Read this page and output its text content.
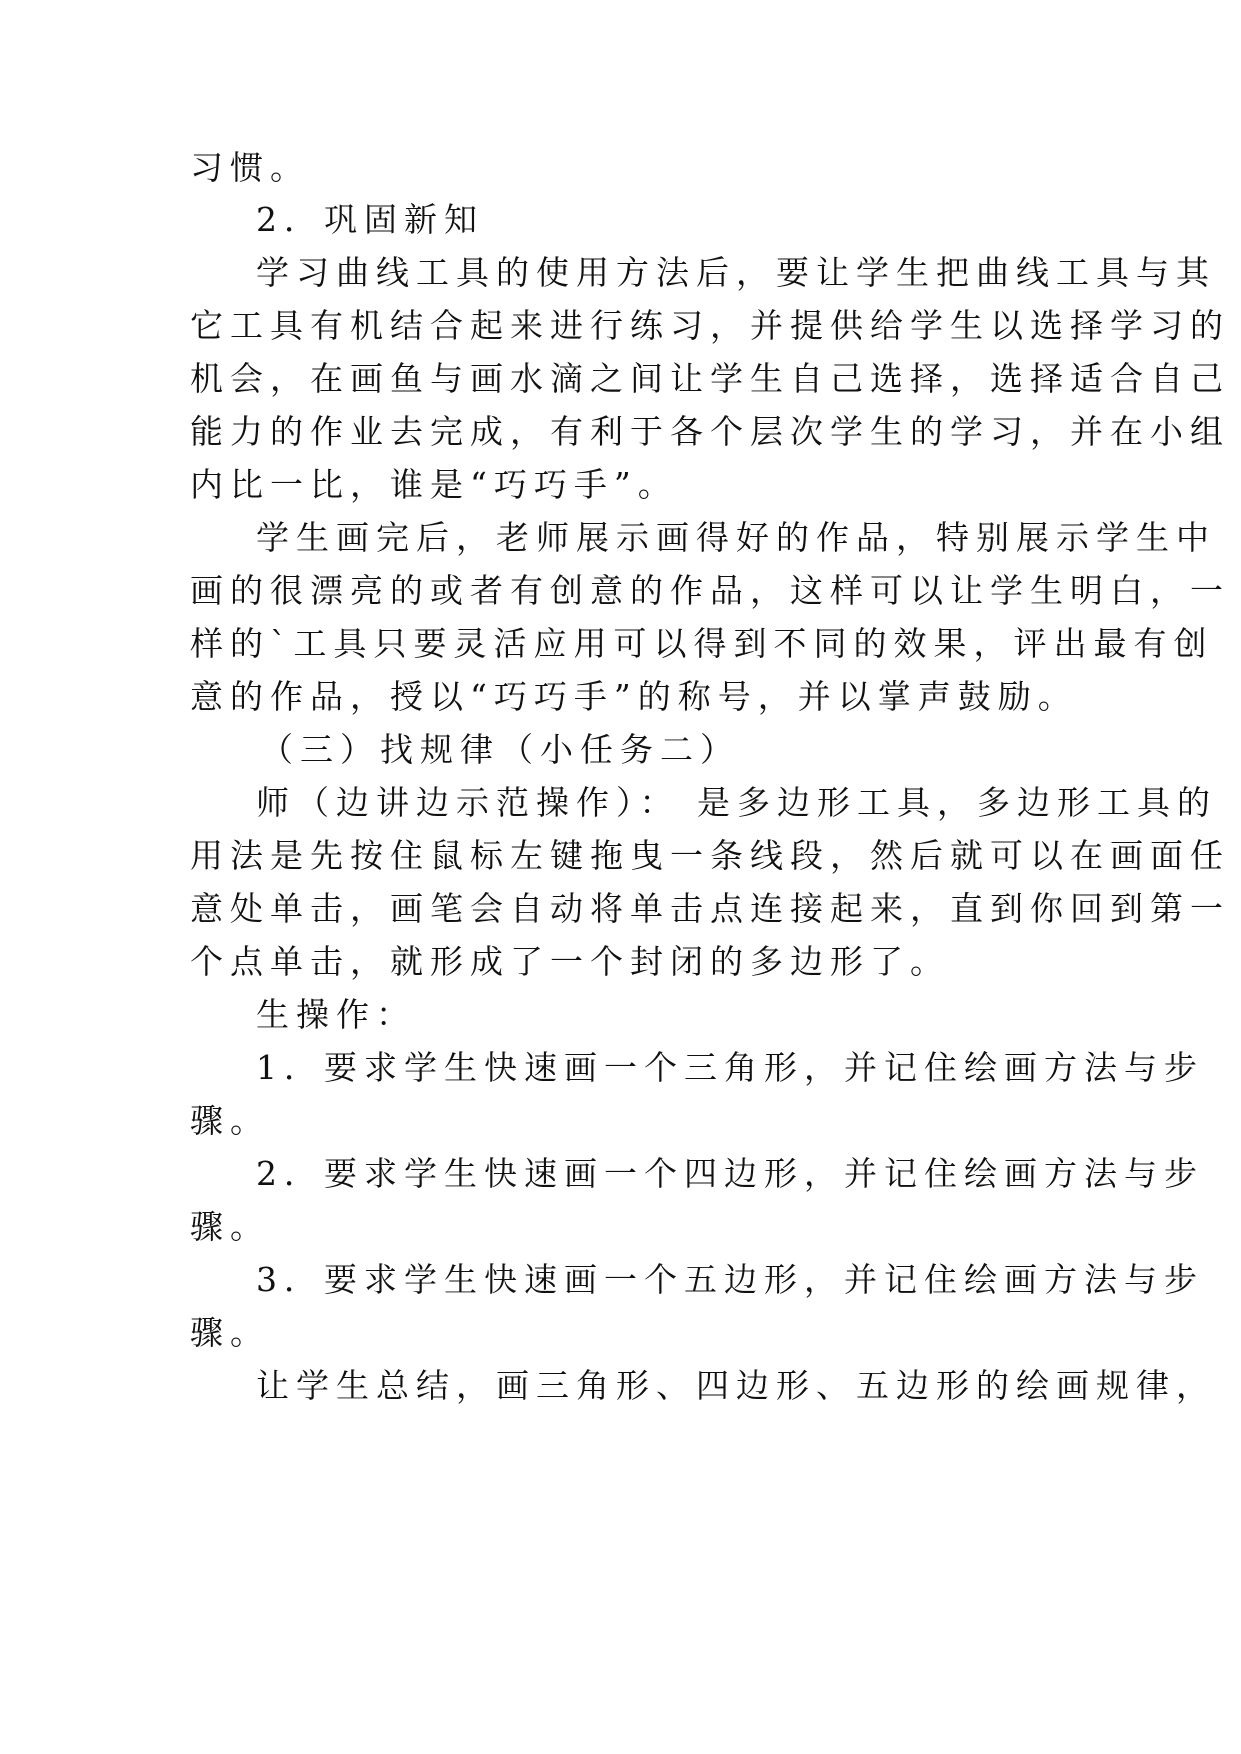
习惯。
2．巩固新知
学习曲线工具的使用方法后，要让学生把曲线工具与其
它工具有机结合起来进行练习，并提供给学生以选择学习的
机会，在画鱼与画水滴之间让学生自己选择，选择适合自己
能力的作业去完成，有利于各个层次学生的学习，并在小组
内比一比，谁是“巧巧手”。
学生画完后，老师展示画得好的作品，特别展示学生中
画的很漂亮的或者有创意的作品，这样可以让学生明白，一
样的`工具只要灵活应用可以得到不同的效果，评出最有创
意的作品，授以“巧巧手”的称号，并以掌声鼓励。
（三）找规律（小任务二）
师（边讲边示范操作）： 是多边形工具，多边形工具的
用法是先按住鼠标左键拖曳一条线段，然后就可以在画面任
意处单击，画笔会自动将单击点连接起来，直到你回到第一
个点单击，就形成了一个封闭的多边形了。
生操作：
1．要求学生快速画一个三角形，并记住绘画方法与步
骤。
2．要求学生快速画一个四边形，并记住绘画方法与步
骤。
3．要求学生快速画一个五边形，并记住绘画方法与步
骤。
让学生总结，画三角形、四边形、五边形的绘画规律，
